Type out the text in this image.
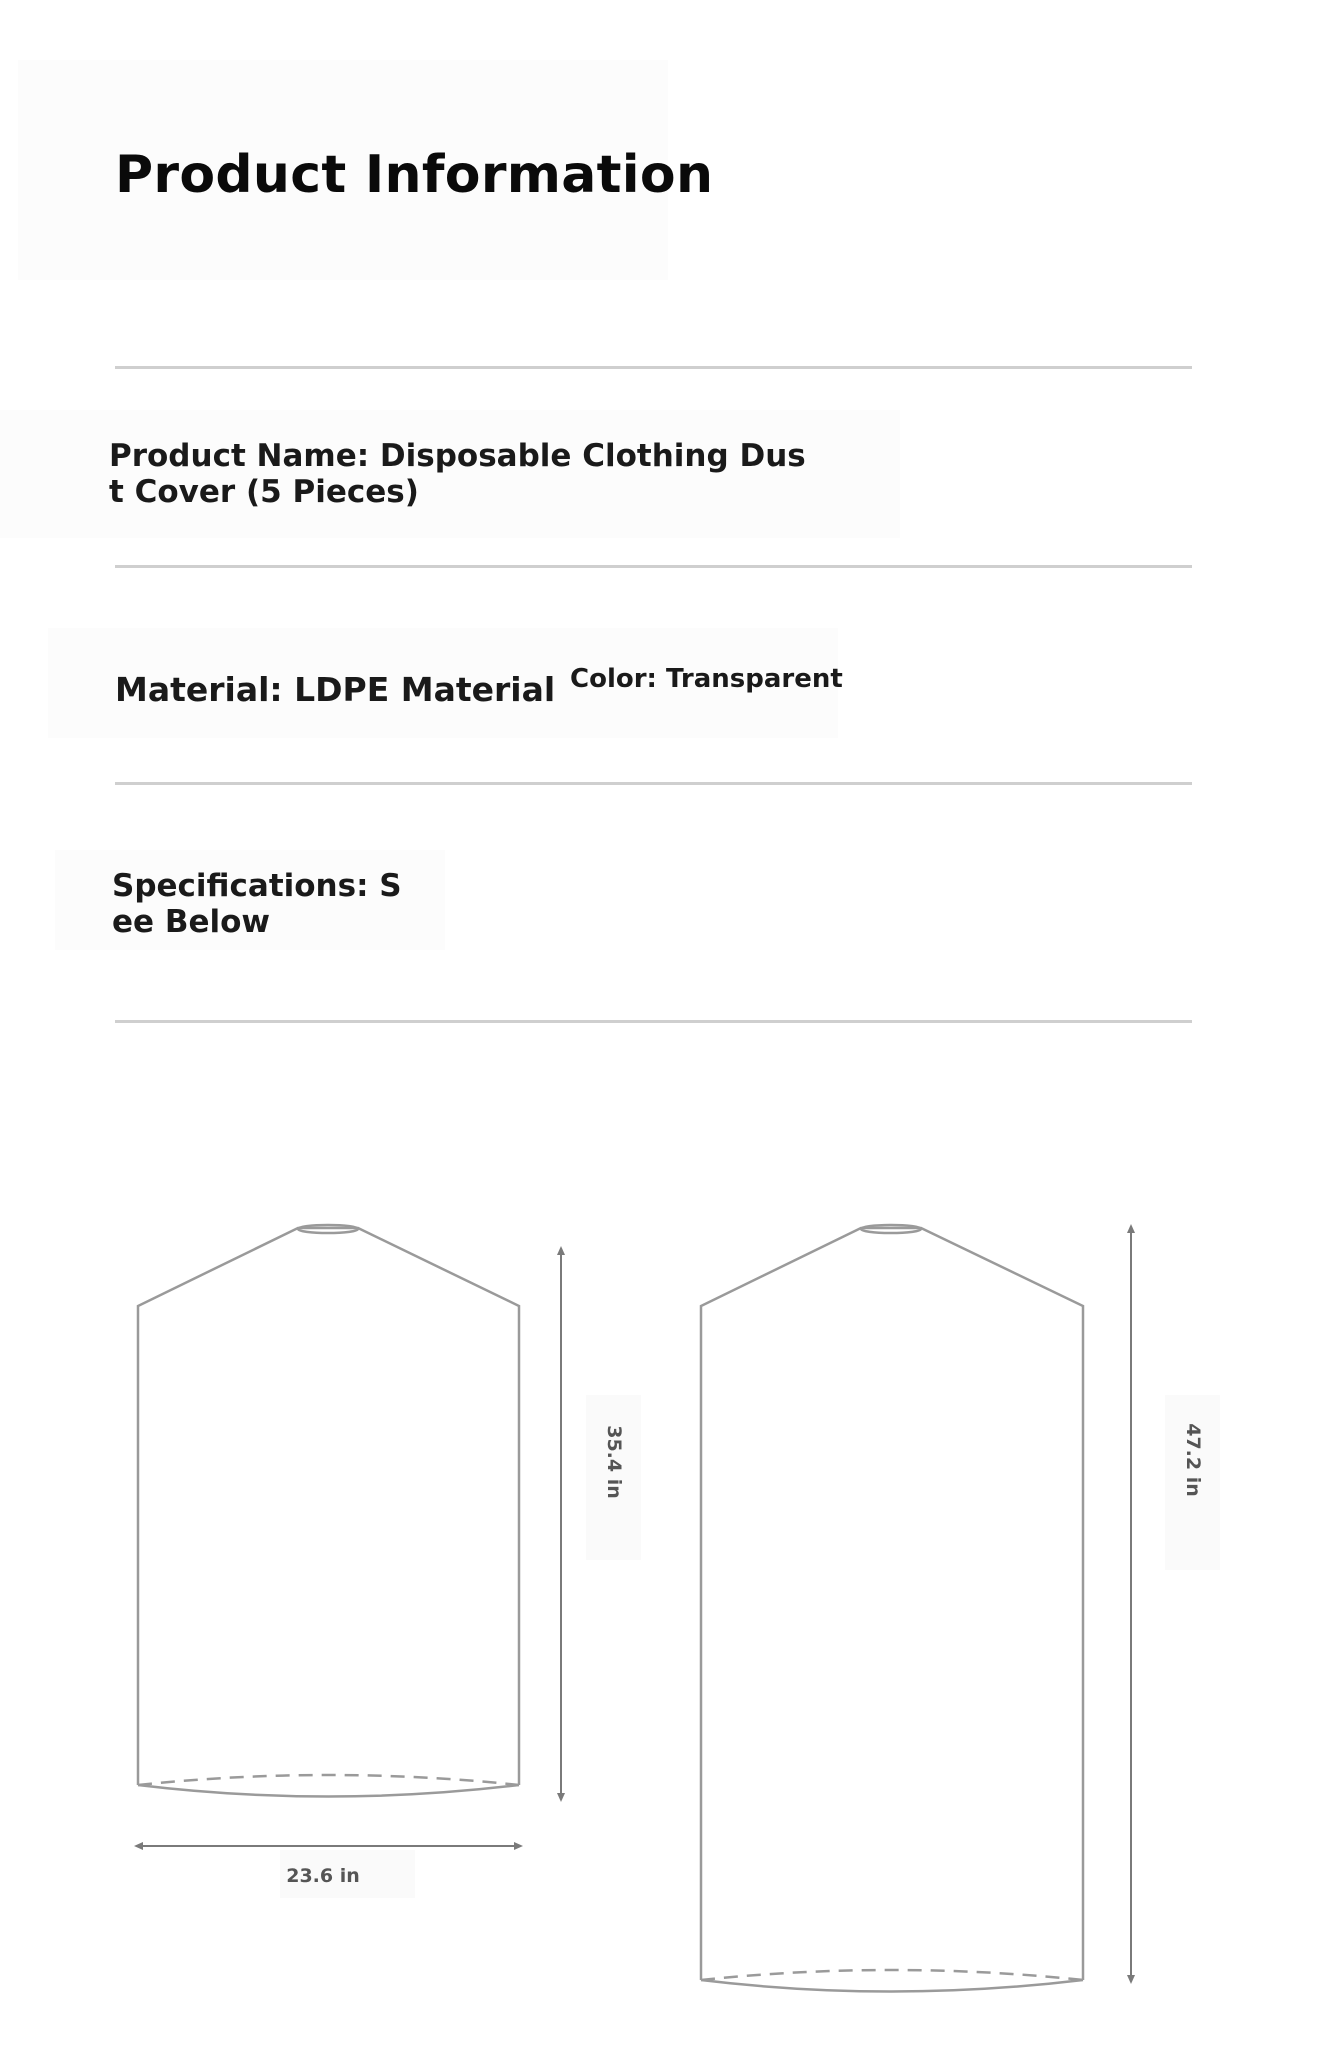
Product Information
Product Name: Disposable Clothing Dust Cover (5 Pieces)
Material: LDPE Material Color: Transparent
Specifications: See Below
35.4 in
23.6 in
47.2 in
